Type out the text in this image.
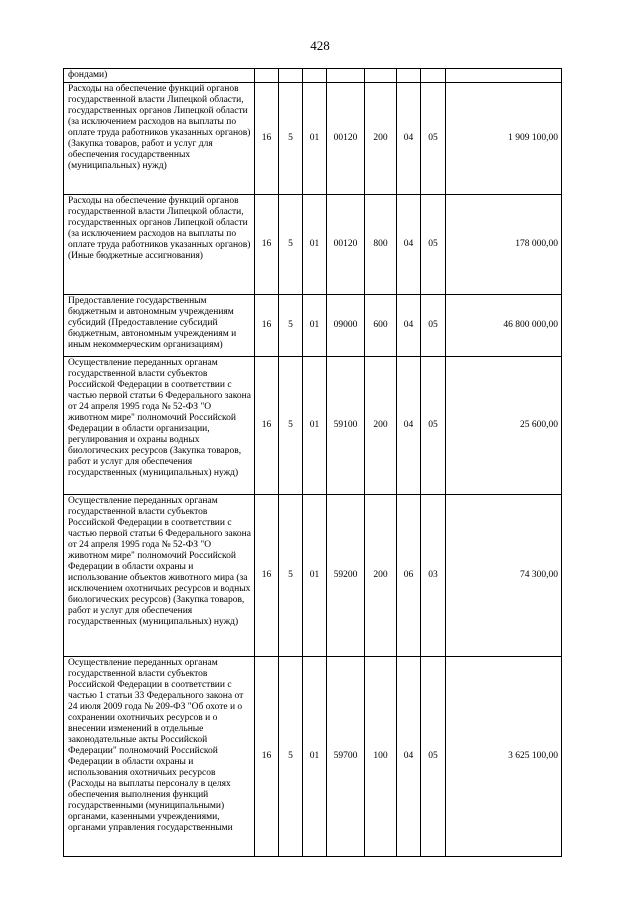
428
фондами)								
Расходы на обеспечение функций органов государственной власти Липецкой области, государственных органов Липецкой области (за исключением расходов на выплаты по оплате труда работников указанных органов) (Закупка товаров, работ и услуг для обеспечения государственных (муниципальных) нужд)	16	5	01	00120	200	04	05	1 909 100,00
Расходы на обеспечение функций органов государственной власти Липецкой области, государственных органов Липецкой области (за исключением расходов на выплаты по оплате труда работников указанных органов) (Иные бюджетные ассигнования)	16	5	01	00120	800	04	05	178 000,00
Предоставление государственным бюджетным и автономным учреждениям субсидий (Предоставление субсидий бюджетным, автономным учреждениям и иным некоммерческим организациям)	16	5	01	09000	600	04	05	46 800 000,00
Осуществление переданных органам государственной власти субъектов Российской Федерации в соответствии с частью первой статьи 6 Федерального закона от 24 апреля 1995 года № 52-ФЗ "О животном мире" полномочий Российской Федерации в области организации, регулирования и охраны водных биологических ресурсов (Закупка товаров, работ и услуг для обеспечения государственных (муниципальных) нужд)	16	5	01	59100	200	04	05	25 600,00
Осуществление переданных органам государственной власти субъектов Российской Федерации в соответствии с частью первой статьи 6 Федерального закона от 24 апреля 1995 года № 52-ФЗ "О животном мире" полномочий Российской Федерации в области охраны и использование объектов животного мира (за исключением охотничьих ресурсов и водных биологических ресурсов) (Закупка товаров, работ и услуг для обеспечения государственных (муниципальных) нужд)	16	5	01	59200	200	06	03	74 300,00
Осуществление переданных органам государственной власти субъектов Российской Федерации в соответствии с частью 1 статьи 33 Федерального закона от 24 июля 2009 года № 209-ФЗ "Об охоте и о сохранении охотничьих ресурсов и о внесении изменений в отдельные законодательные акты Российской Федерации" полномочий Российской Федерации в области охраны и использования охотничьих ресурсов (Расходы на выплаты персоналу в целях обеспечения выполнения функций государственными (муниципальными) органами, казенными учреждениями, органами управления государственными	16	5	01	59700	100	04	05	3 625 100,00
